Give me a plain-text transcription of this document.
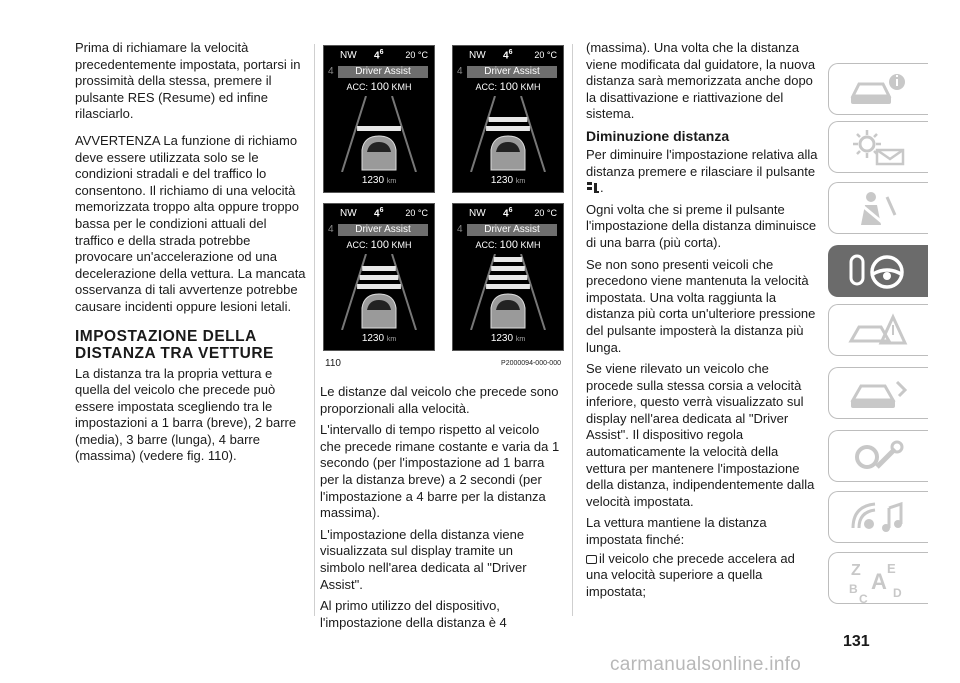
Prima di richiamare la velocità precedentemente impostata, portarsi in prossimità della stessa, premere il pulsante RES (Resume) ed infine rilasciarlo.

AVVERTENZA La funzione di richiamo deve essere utilizzata solo se le condizioni stradali e del traffico lo consentono. Il richiamo di una velocità memorizzata troppo alta oppure troppo bassa per le condizioni attuali del traffico e della strada potrebbe provocare un'accelerazione od una decelerazione della vettura. La mancata osservanza di tali avvertenze potrebbe causare incidenti oppure lesioni letali.

IMPOSTAZIONE DELLA DISTANZA TRA VETTURE

La distanza tra la propria vettura e quella del veicolo che precede può essere impostata scegliendo tra le impostazioni a 1 barra (breve), 2 barre (media), 3 barre (lunga), 4 barre (massima) (vedere fig. 110).

NW $4^6$ 20 °C
4	Driver Assist
ACC: 100 KMH
1230 km
NW $4^6$ 20 °C
4	Driver Assist
ACC: 100 KMH
1230 km
NW $4^6$ 20 °C
4	Driver Assist
ACC: 100 KMH
1230 km
NW $4^6$ 20 °C
4	Driver Assist
ACC: 100 KMH
1230 km
110	P2000094-000-000

Le distanze dal veicolo che precede sono proporzionali alla velocità.

L'intervallo di tempo rispetto al veicolo che precede rimane costante e varia da 1 secondo (per l'impostazione ad 1 barra per la distanza breve) a 2 secondi (per l'impostazione a 4 barre per la distanza massima).

L'impostazione della distanza viene visualizzata sul display tramite un simbolo nell'area dedicata al "Driver Assist".

Al primo utilizzo del dispositivo, l'impostazione della distanza è 4

(massima). Una volta che la distanza viene modificata dal guidatore, la nuova distanza sarà memorizzata anche dopo la disattivazione e riattivazione del sistema.

Diminuzione distanza

Per diminuire l'impostazione relativa alla distanza premere e rilasciare il pulsante
.

Ogni volta che si preme il pulsante l'impostazione della distanza diminuisce di una barra (più corta).

Se non sono presenti veicoli che precedono viene mantenuta la velocità impostata. Una volta raggiunta la distanza più corta un'ulteriore pressione del pulsante imposterà la distanza più lunga.

Se viene rilevato un veicolo che procede sulla stessa corsia a velocità inferiore, questo verrà visualizzato sul display nell'area dedicata al "Driver Assist". Il dispositivo regola automaticamente la velocità della vettura per mantenere l'impostazione della distanza, indipendentemente dalla velocità impostata.

La vettura mantiene la distanza impostata finché:

il veicolo che precede accelera ad una velocità superiore a quella impostata;

Z E
B A
C D
131
carmanualsonline.info
